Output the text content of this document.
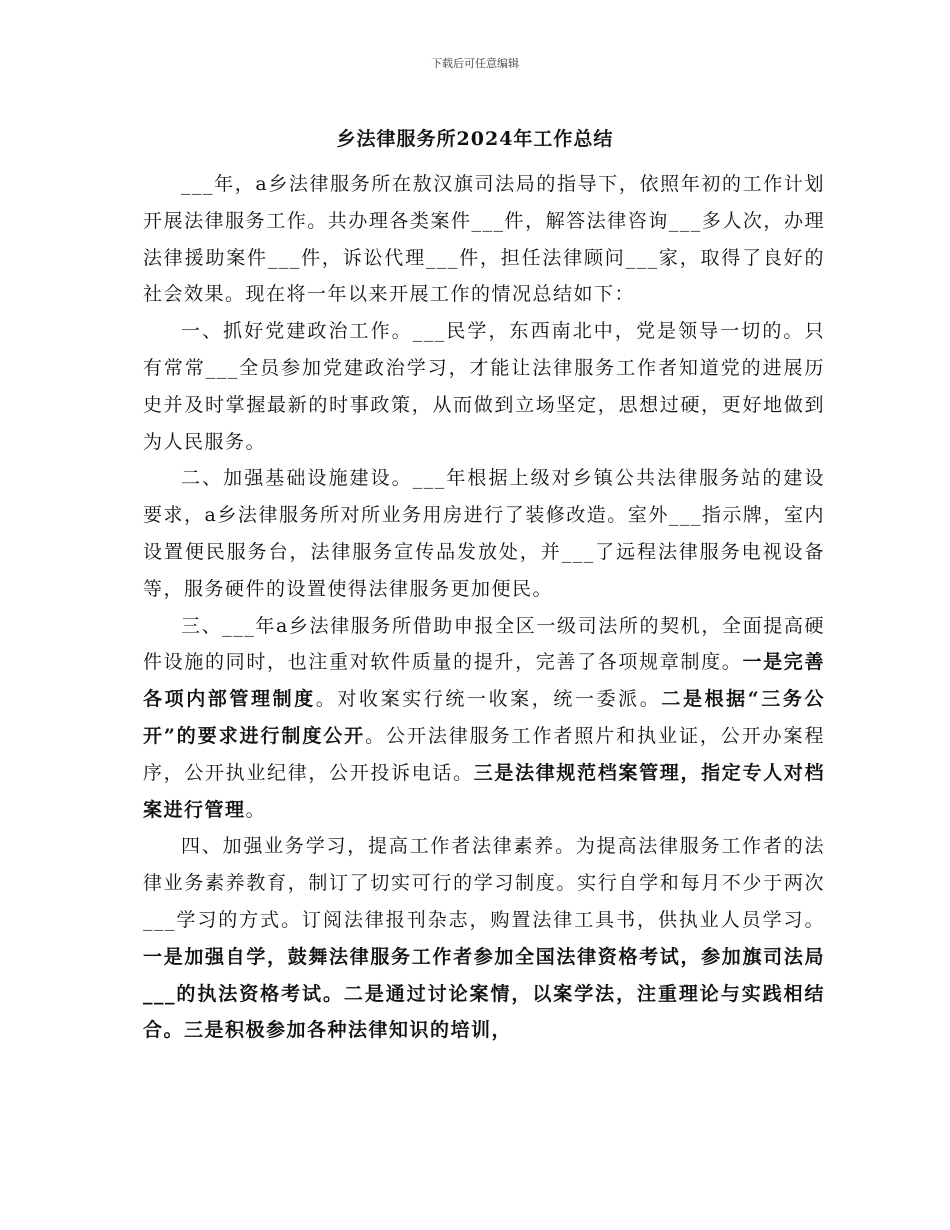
下载后可任意编辑
乡法律服务所2024年工作总结

___年，a乡法律服务所在敖汉旗司法局的指导下，依照年初的工作计划开展法律服务工作。共办理各类案件___件，解答法律咨询___多人次，办理法律援助案件___件，诉讼代理___件，担任法律顾问___家，取得了良好的社会效果。现在将一年以来开展工作的情况总结如下：

一、抓好党建政治工作。___民学，东西南北中，党是领导一切的。只有常常___全员参加党建政治学习，才能让法律服务工作者知道党的进展历史并及时掌握最新的时事政策，从而做到立场坚定，思想过硬，更好地做到为人民服务。

二、加强基础设施建设。___年根据上级对乡镇公共法律服务站的建设要求，a乡法律服务所对所业务用房进行了装修改造。室外___指示牌，室内设置便民服务台，法律服务宣传品发放处，并___了远程法律服务电视设备等，服务硬件的设置使得法律服务更加便民。

三、___年a乡法律服务所借助申报全区一级司法所的契机，全面提高硬件设施的同时，也注重对软件质量的提升，完善了各项规章制度。一是完善各项内部管理制度。对收案实行统一收案，统一委派。二是根据“三务公开”的要求进行制度公开。公开法律服务工作者照片和执业证，公开办案程序，公开执业纪律，公开投诉电话。三是法律规范档案管理，指定专人对档案进行管理。

四、加强业务学习，提高工作者法律素养。为提高法律服务工作者的法律业务素养教育，制订了切实可行的学习制度。实行自学和每月不少于两次___学习的方式。订阅法律报刊杂志，购置法律工具书，供执业人员学习。一是加强自学，鼓舞法律服务工作者参加全国法律资格考试，参加旗司法局___的执法资格考试。二是通过讨论案情，以案学法，注重理论与实践相结合。三是积极参加各种法律知识的培训，
